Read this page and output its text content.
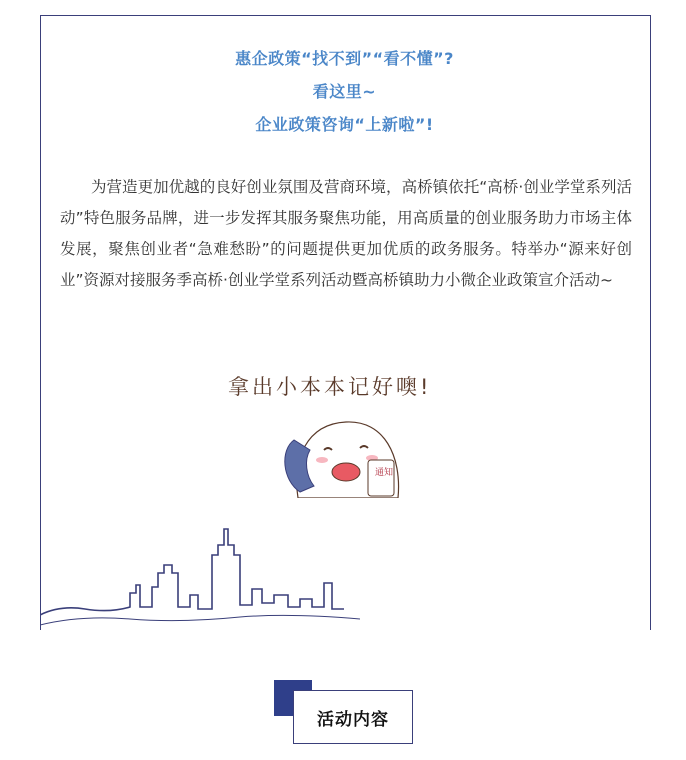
惠企政策“找不到”“看不懂”?
看这里~
企业政策咨询“上新啦”!
为营造更加优越的良好创业氛围及营商环境，高桥镇依托“高桥·创业学堂系列活动”特色服务品牌，进一步发挥其服务聚焦功能，用高质量的创业服务助力市场主体发展，聚焦创业者“急难愁盼”的问题提供更加优质的政务服务。特举办“源来好创业”资源对接服务季高桥·创业学堂系列活动暨高桥镇助力小微企业政策宣介活动~
拿出小本本记好噢!
通知
活动内容
